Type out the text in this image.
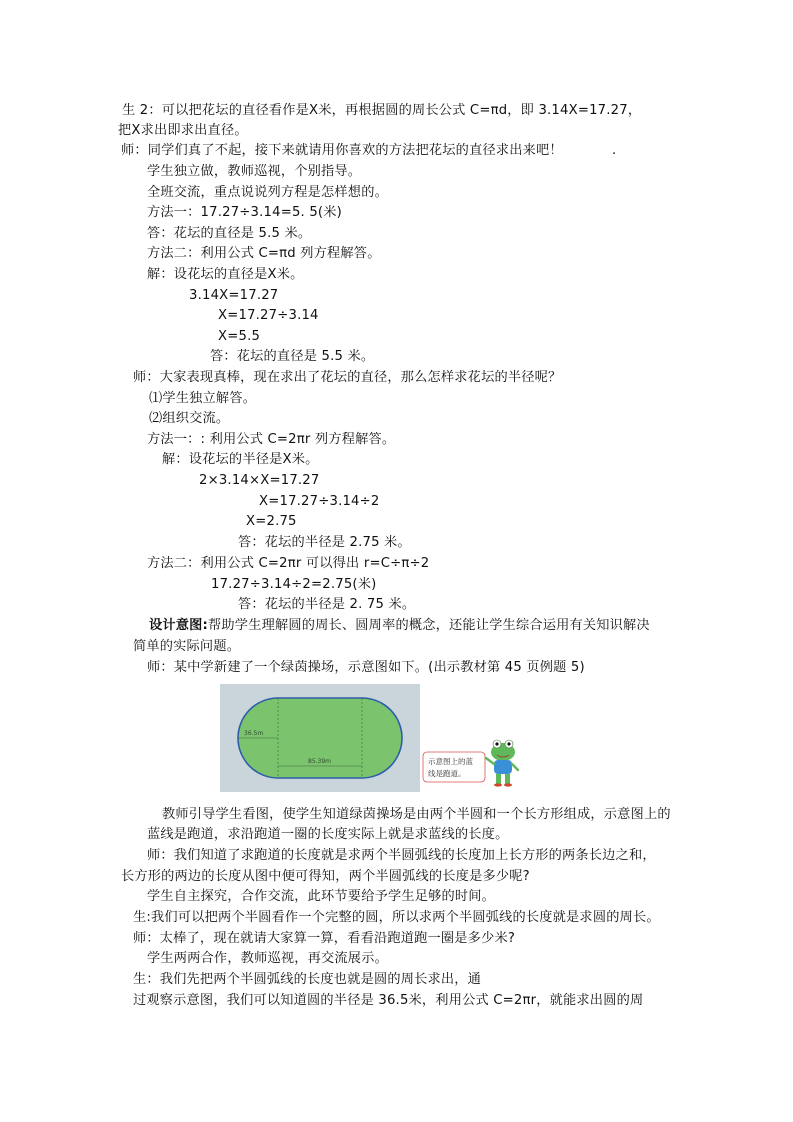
生 2：可以把花坛的直径看作是X米，再根据圆的周长公式 C=πd，即 3.14X=17.27，
把X求出即求出直径。
师：同学们真了不起，接下来就请用你喜欢的方法把花坛的直径求出来吧！	.
学生独立做，教师巡视，个别指导。
全班交流，重点说说列方程是怎样想的。
方法一：17.27÷3.14=5. 5(米)
答：花坛的直径是 5.5 米。
方法二：利用公式 C=πd 列方程解答。
解：设花坛的直径是X米。
3.14X=17.27
X=17.27÷3.14
X=5.5
答：花坛的直径是 5.5 米。
师：大家表现真棒，现在求出了花坛的直径，那么怎样求花坛的半径呢？
⑴学生独立解答。
⑵组织交流。
方法一：: 利用公式 C=2πr 列方程解答。
解：设花坛的半径是X米。
2×3.14×X=17.27
X=17.27÷3.14÷2
X=2.75
答：花坛的半径是 2.75 米。
方法二：利用公式 C=2πr 可以得出 r=C÷π÷2
17.27÷3.14÷2=2.75(米)
答：花坛的半径是 2. 75 米。
设计意图:帮助学生理解圆的周长、圆周率的概念，还能让学生综合运用有关知识解决
简单的实际问题。
师：某中学新建了一个绿茵操场，示意图如下。(出示教材第 45 页例题 5)
36.5m
85.39m	示意图上的蓝
线是跑道。
教师引导学生看图，使学生知道绿茵操场是由两个半圆和一个长方形组成，示意图上的
蓝线是跑道，求沿跑道一圈的长度实际上就是求蓝线的长度。
师：我们知道了求跑道的长度就是求两个半圆弧线的长度加上长方形的两条长边之和，
长方形的两边的长度从图中便可得知，两个半圆弧线的长度是多少呢?
学生自主探究，合作交流，此环节要给予学生足够的时间。
生:我们可以把两个半圆看作一个完整的圆，所以求两个半圆弧线的长度就是求圆的周长。
师：太棒了，现在就请大家算一算，看看沿跑道跑一圈是多少米?
学生两两合作，教师巡视，再交流展示。
生：我们先把两个半圆弧线的长度也就是圆的周长求出，通
过观察示意图，我们可以知道圆的半径是 36.5米，利用公式 C=2πr，就能求出圆的周
